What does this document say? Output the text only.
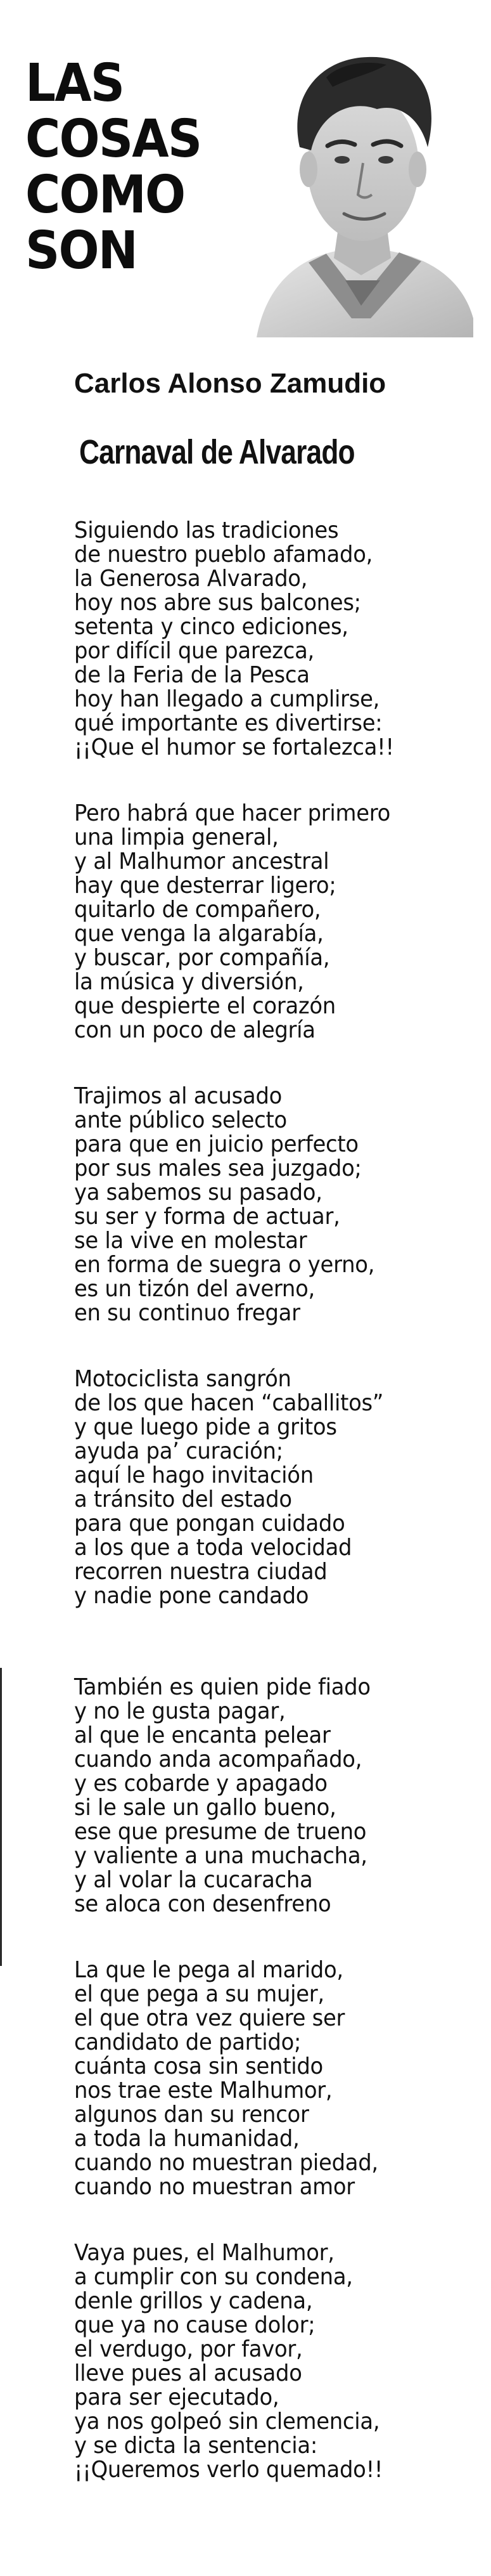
LAS
COSAS
COMO
SON
Carlos Alonso Zamudio
Carnaval de Alvarado
Siguiendo las tradiciones
de nuestro pueblo afamado,
la Generosa Alvarado,
hoy nos abre sus balcones;
setenta y cinco ediciones,
por difícil que parezca,
de la Feria de la Pesca
hoy han llegado a cumplirse,
qué importante es divertirse:
¡¡Que el humor se fortalezca!!
Pero habrá que hacer primero
una limpia general,
y al Malhumor ancestral
hay que desterrar ligero;
quitarlo de compañero,
que venga la algarabía,
y buscar, por compañía,
la música y diversión,
que despierte el corazón
con un poco de alegría
Trajimos al acusado
ante público selecto
para que en juicio perfecto
por sus males sea juzgado;
ya sabemos su pasado,
su ser y forma de actuar,
se la vive en molestar
en forma de suegra o yerno,
es un tizón del averno,
en su continuo fregar
Motociclista sangrón
de los que hacen “caballitos”
y que luego pide a gritos
ayuda pa’ curación;
aquí le hago invitación
a tránsito del estado
para que pongan cuidado
a los que a toda velocidad
recorren nuestra ciudad
y nadie pone candado
También es quien pide fiado
y no le gusta pagar,
al que le encanta pelear
cuando anda acompañado,
y es cobarde y apagado
si le sale un gallo bueno,
ese que presume de trueno
y valiente a una muchacha,
y al volar la cucaracha
se aloca con desenfreno
La que le pega al marido,
el que pega a su mujer,
el que otra vez quiere ser
candidato de partido;
cuánta cosa sin sentido
nos trae este Malhumor,
algunos dan su rencor
a toda la humanidad,
cuando no muestran piedad,
cuando no muestran amor
Vaya pues, el Malhumor,
a cumplir con su condena,
denle grillos y cadena,
que ya no cause dolor;
el verdugo, por favor,
lleve pues al acusado
para ser ejecutado,
ya nos golpeó sin clemencia,
y se dicta la sentencia:
¡¡Queremos verlo quemado!!
